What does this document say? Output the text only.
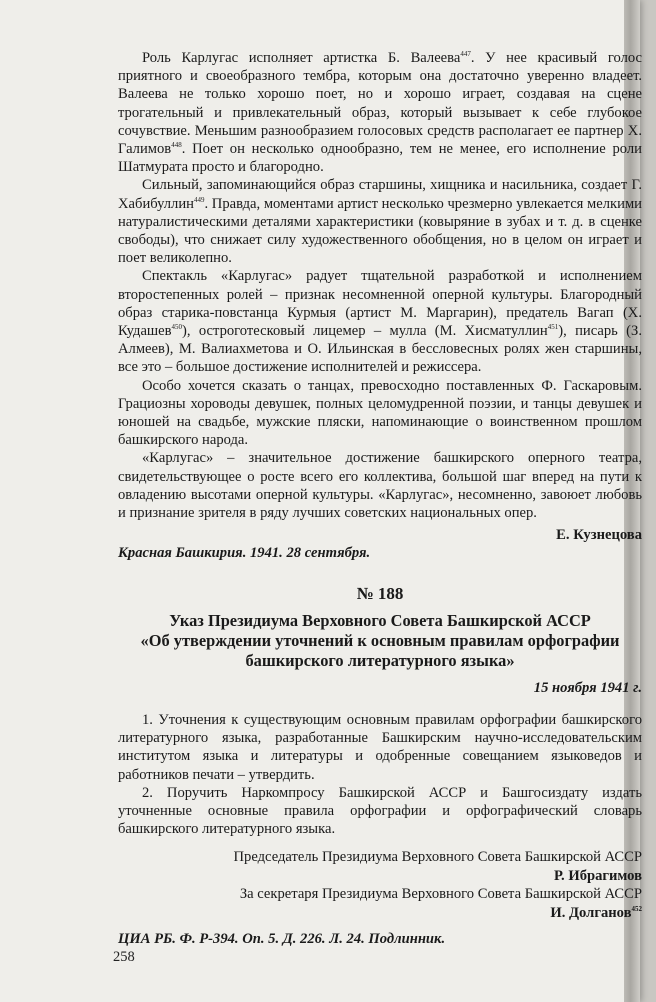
Роль Карлугас исполняет артистка Б. Валеева$^{447}$. У нее красивый голос приятного и своеобразного тембра, которым она достаточно уверенно владеет. Валеева не только хорошо поет, но и хорошо играет, создавая на сцене трогательный и привлекательный образ, который вызывает к себе глубокое сочувствие. Меньшим разнообразием голосовых средств располагает ее партнер Х. Галимов$^{448}$. Поет он несколько однообразно, тем не менее, его исполнение роли Шатмурата просто и благородно.

Сильный, запоминающийся образ старшины, хищника и насильника, создает Г. Хабибуллин$^{449}$. Правда, моментами артист несколько чрезмерно увлекается мелкими натуралистическими деталями характеристики (ковыряние в зубах и т. д. в сценке свободы), что снижает силу художественного обобщения, но в целом он играет и поет великолепно.

Спектакль «Карлугас» радует тщательной разработкой и исполнением второстепенных ролей – признак несомненной оперной культуры. Благородный образ старика-повстанца Курмыя (артист М. Маргарин), предатель Вагап (Х. Кудашев$^{450}$), остроготесковый лицемер – мулла (М. Хисматуллин$^{451}$), писарь (З. Алмеев), М. Валиахметова и О. Ильинская в бессловесных ролях жен старшины, все это – большое достижение исполнителей и режиссера.

Особо хочется сказать о танцах, превосходно поставленных Ф. Гаскаровым. Грациозны хороводы девушек, полных целомудренной поэзии, и танцы девушек и юношей на свадьбе, мужские пляски, напоминающие о воинственном прошлом башкирского народа.

«Карлугас» – значительное достижение башкирского оперного театра, свидетельствующее о росте всего его коллектива, большой шаг вперед на пути к овладению высотами оперной культуры. «Карлугас», несомненно, завоюет любовь и признание зрителя в ряду лучших советских национальных опер.

Е. Кузнецова

Красная Башкирия. 1941. 28 сентября.

№ 188
Указ Президиума Верховного Совета Башкирской АССР
«Об утверждении уточнений к основным правилам орфографии
башкирского литературного языка»
15 ноября 1941 г.

1. Уточнения к существующим основным правилам орфографии башкирского литературного языка, разработанные Башкирским научно-исследовательским институтом языка и литературы и одобренные совещанием языковедов и работников печати – утвердить.

2. Поручить Наркомпросу Башкирской АССР и Башгосиздату издать уточненные основные правила орфографии и орфографический словарь башкирского литературного языка.

Председатель Президиума Верховного Совета Башкирской АССР
Р. Ибрагимов
За секретаря Президиума Верховного Совета Башкирской АССР
И. Долганов$^{452}$
ЦИА РБ. Ф. Р-394. Оп. 5. Д. 226. Л. 24. Подлинник.
258
